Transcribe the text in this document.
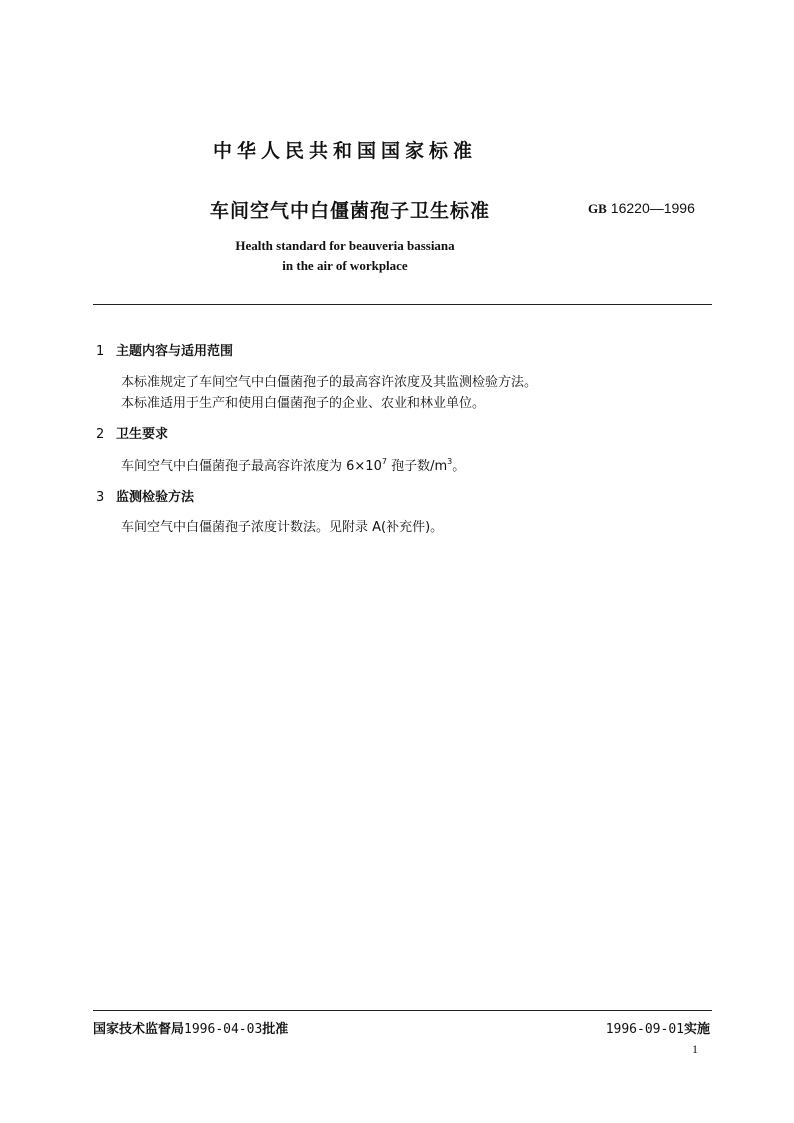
中华人民共和国国家标准
车间空气中白僵菌孢子卫生标准	GB 16220—1996
Health standard for beauveria bassiana
in the air of workplace
1 主题内容与适用范围
本标准规定了车间空气中白僵菌孢子的最高容许浓度及其监测检验方法。
本标准适用于生产和使用白僵菌孢子的企业、农业和林业单位。
2 卫生要求
车间空气中白僵菌孢子最高容许浓度为 $6\times 10^7$ 孢子数$/m^3$。
3 监测检验方法
车间空气中白僵菌孢子浓度计数法。见附录 A(补充件)。
国家技术监督局1996-04-03批准	1996-09-01实施
1
